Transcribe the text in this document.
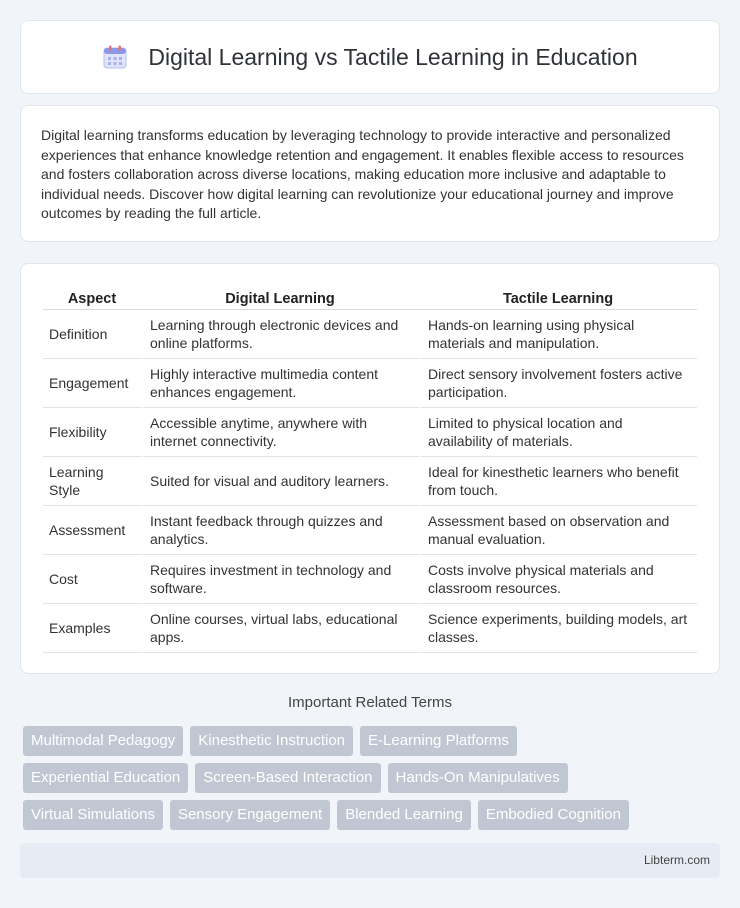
Digital Learning vs Tactile Learning in Education

Digital learning transforms education by leveraging technology to provide interactive and personalized experiences that enhance knowledge retention and engagement. It enables flexible access to resources and fosters collaboration across diverse locations, making education more inclusive and adaptable to individual needs. Discover how digital learning can revolutionize your educational journey and improve outcomes by reading the full article.

Aspect	Digital Learning	Tactile Learning
Definition	Learning through electronic devices and online platforms.	Hands-on learning using physical materials and manipulation.
Engagement	Highly interactive multimedia content enhances engagement.	Direct sensory involvement fosters active participation.
Flexibility	Accessible anytime, anywhere with internet connectivity.	Limited to physical location and availability of materials.
Learning Style	Suited for visual and auditory learners.	Ideal for kinesthetic learners who benefit from touch.
Assessment	Instant feedback through quizzes and analytics.	Assessment based on observation and manual evaluation.
Cost	Requires investment in technology and software.	Costs involve physical materials and classroom resources.
Examples	Online courses, virtual labs, educational apps.	Science experiments, building models, art classes.
Important Related Terms
Multimodal Pedagogy	Kinesthetic Instruction	E-Learning Platforms
Experiential Education	Screen-Based Interaction	Hands-On Manipulatives
Virtual Simulations	Sensory Engagement	Blended Learning	Embodied Cognition
Libterm.com
